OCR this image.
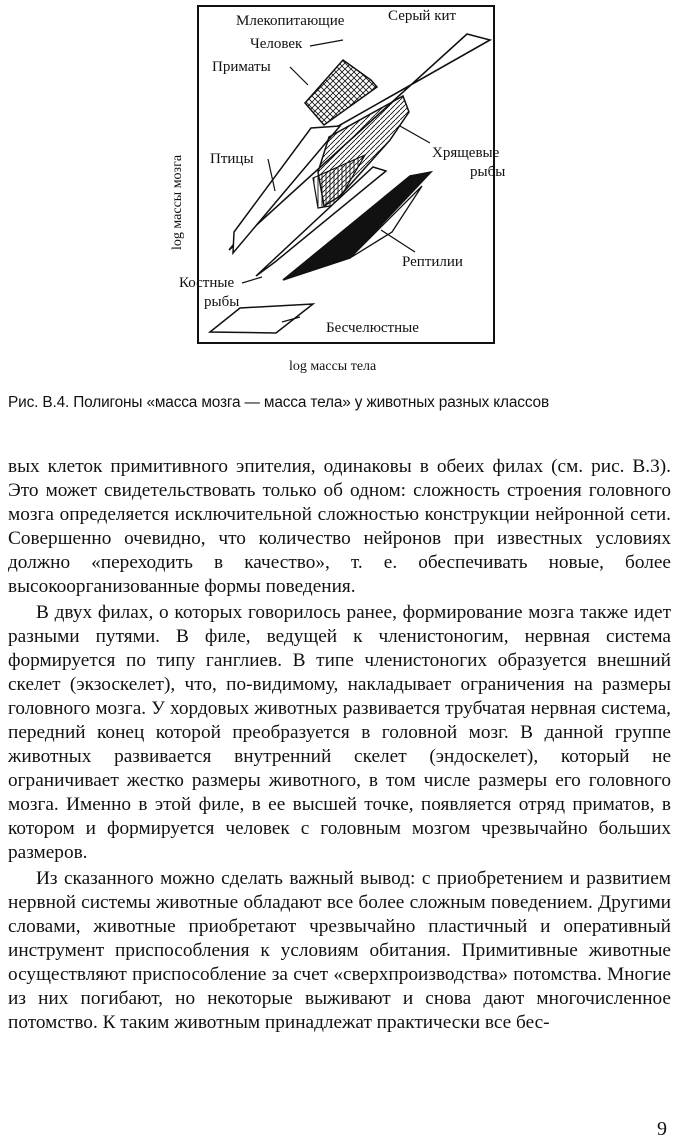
Млекопитающие	Серый кит
Человек
Приматы
Птицы	Хрящевые
рыбы
Рептилии
Костные
рыбы
Бесчелюстные
log массы мозга
log массы тела
Рис. В.4. Полигоны «масса мозга — масса тела» у животных разных классов

вых клеток примитивного эпителия, одинаковы в обеих филах (см. рис. В.3). Это может свидетельствовать только об одном: сложность строения головного мозга определяется исключительной сложностью конструкции нейронной сети. Совершенно очевидно, что количество нейронов при известных условиях должно «переходить в качество», т. е. обеспечивать новые, более высокоорганизованные формы поведения.

В двух филах, о которых говорилось ранее, формирование мозга также идет разными путями. В филе, ведущей к членистоногим, нервная система формируется по типу ганглиев. В типе членистоногих образуется внешний скелет (экзоскелет), что, по-видимому, накладывает ограничения на размеры головного мозга. У хордовых животных развивается трубчатая нервная система, передний конец которой преобразуется в головной мозг. В данной группе животных развивается внутренний скелет (эндоскелет), который не ограничивает жестко размеры животного, в том числе размеры его головного мозга. Именно в этой филе, в ее высшей точке, появляется отряд приматов, в котором и формируется человек с головным мозгом чрезвычайно больших размеров.

Из сказанного можно сделать важный вывод: с приобретением и развитием нервной системы животные обладают все более сложным поведением. Другими словами, животные приобретают чрезвычайно пластичный и оперативный инструмент приспособления к условиям обитания. Примитивные животные осуществляют приспособление за счет «сверхпроизводства» потомства. Многие из них погибают, но некоторые выживают и снова дают многочисленное потомство. К таким животным принадлежат практически все бес-

9
